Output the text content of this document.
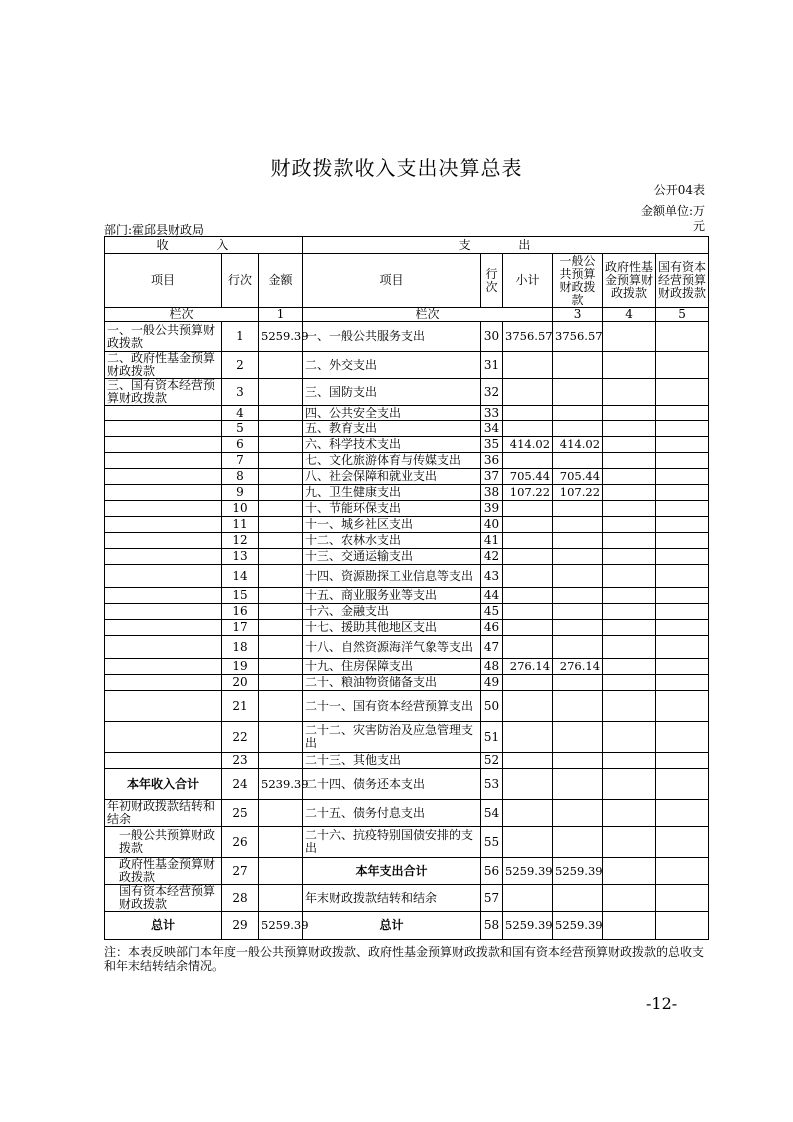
财政拨款收入支出决算总表
公开04表
金额单位:万
元
部门:霍邱县财政局
收 入			支 出					
项目	行次	金额	项目	行次	小计	一般公共预算财政拨款	政府性基金预算财政拨款	国有资本经营预算财政拨款
栏次		1	栏次			3	4	5
一、一般公共预算财政拨款	1	5259.39	一、一般公共服务支出	30	3756.57	3756.57		
二、政府性基金预算财政拨款	2		二、外交支出	31				
三、国有资本经营预算财政拨款	3		三、国防支出	32				
	4		四、公共安全支出	33				
	5		五、教育支出	34				
	6		六、科学技术支出	35	414.02	414.02		
	7		七、文化旅游体育与传媒支出	36				
	8		八、社会保障和就业支出	37	705.44	705.44		
	9		九、卫生健康支出	38	107.22	107.22		
	10		十、节能环保支出	39				
	11		十一、城乡社区支出	40				
	12		十二、农林水支出	41				
	13		十三、交通运输支出	42				
	14		十四、资源勘探工业信息等支出	43				
	15		十五、商业服务业等支出	44				
	16		十六、金融支出	45				
	17		十七、援助其他地区支出	46				
	18		十八、自然资源海洋气象等支出	47				
	19		十九、住房保障支出	48	276.14	276.14		
	20		二十、粮油物资储备支出	49				
	21		二十一、国有资本经营预算支出	50				
	22		二十二、灾害防治及应急管理支出	51				
	23		二十三、其他支出	52				
本年收入合计	24	5239.39	二十四、债务还本支出	53				
年初财政拨款结转和结余	25		二十五、债务付息支出	54				
一般公共预算财政拨款	26		二十六、抗疫特别国债安排的支出	55				
政府性基金预算财政拨款	27		本年支出合计	56	5259.39	5259.39		
国有资本经营预算财政拨款	28		年末财政拨款结转和结余	57				
总计	29	5259.39	总计	58	5259.39	5259.39		
注：本表反映部门本年度一般公共预算财政拨款、政府性基金预算财政拨款和国有资本经营预算财政拨款的总收支和年末结转结余情况。
-12-
